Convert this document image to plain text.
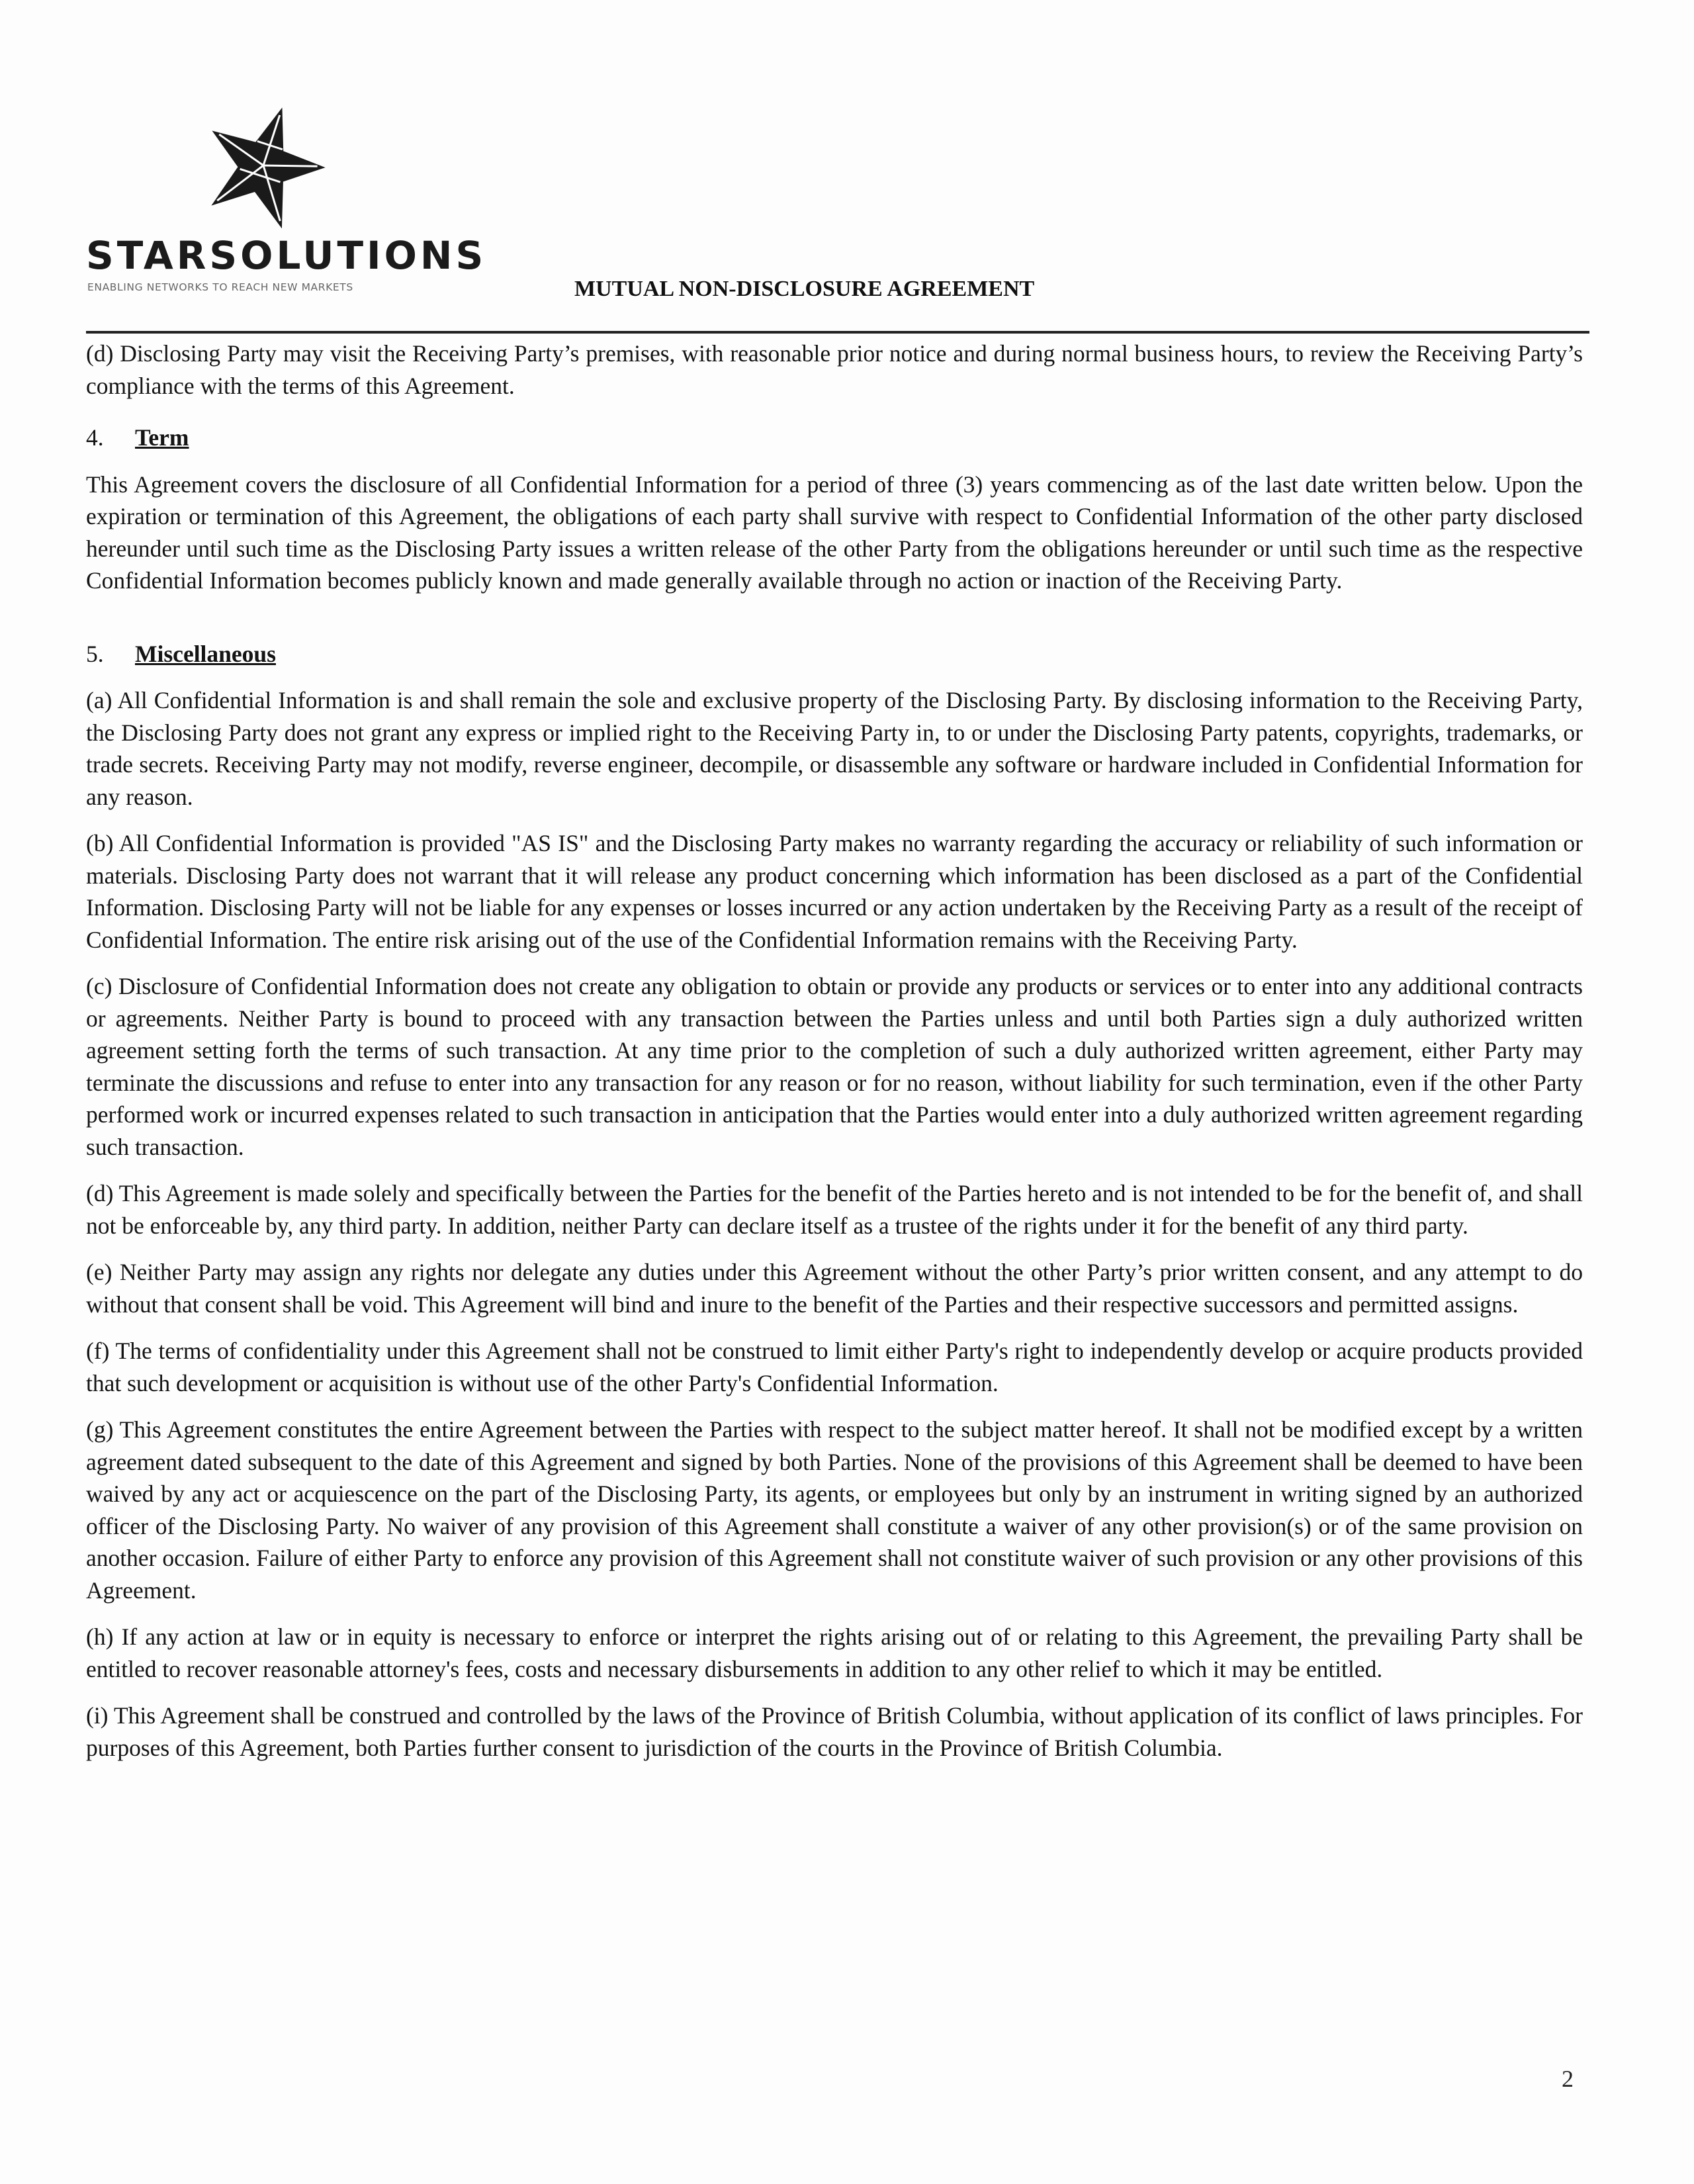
STARSOLUTIONS
ENABLING NETWORKS TO REACH NEW MARKETS	MUTUAL NON-DISCLOSURE AGREEMENT

(d) Disclosing Party may visit the Receiving Party’s premises, with reasonable prior notice and during normal business hours, to review the Receiving Party’s compliance with the terms of this Agreement.

4. Term

This Agreement covers the disclosure of all Confidential Information for a period of three (3) years commencing as of the last date written below. Upon the expiration or termination of this Agreement, the obligations of each party shall survive with respect to Confidential Information of the other party disclosed hereunder until such time as the Disclosing Party issues a written release of the other Party from the obligations hereunder or until such time as the respective Confidential Information becomes publicly known and made generally available through no action or inaction of the Receiving Party.

5. Miscellaneous

(a) All Confidential Information is and shall remain the sole and exclusive property of the Disclosing Party. By disclosing information to the Receiving Party, the Disclosing Party does not grant any express or implied right to the Receiving Party in, to or under the Disclosing Party patents, copyrights, trademarks, or trade secrets. Receiving Party may not modify, reverse engineer, decompile, or disassemble any software or hardware included in Confidential Information for any reason.

(b) All Confidential Information is provided "AS IS" and the Disclosing Party makes no warranty regarding the accuracy or reliability of such information or materials. Disclosing Party does not warrant that it will release any product concerning which information has been disclosed as a part of the Confidential Information. Disclosing Party will not be liable for any expenses or losses incurred or any action undertaken by the Receiving Party as a result of the receipt of Confidential Information. The entire risk arising out of the use of the Confidential Information remains with the Receiving Party.

(c) Disclosure of Confidential Information does not create any obligation to obtain or provide any products or services or to enter into any additional contracts or agreements. Neither Party is bound to proceed with any transaction between the Parties unless and until both Parties sign a duly authorized written agreement setting forth the terms of such transaction. At any time prior to the completion of such a duly authorized written agreement, either Party may terminate the discussions and refuse to enter into any transaction for any reason or for no reason, without liability for such termination, even if the other Party performed work or incurred expenses related to such transaction in anticipation that the Parties would enter into a duly authorized written agreement regarding such transaction.

(d) This Agreement is made solely and specifically between the Parties for the benefit of the Parties hereto and is not intended to be for the benefit of, and shall not be enforceable by, any third party. In addition, neither Party can declare itself as a trustee of the rights under it for the benefit of any third party.

(e) Neither Party may assign any rights nor delegate any duties under this Agreement without the other Party’s prior written consent, and any attempt to do without that consent shall be void. This Agreement will bind and inure to the benefit of the Parties and their respective successors and permitted assigns.

(f) The terms of confidentiality under this Agreement shall not be construed to limit either Party's right to independently develop or acquire products provided that such development or acquisition is without use of the other Party's Confidential Information.

(g) This Agreement constitutes the entire Agreement between the Parties with respect to the subject matter hereof. It shall not be modified except by a written agreement dated subsequent to the date of this Agreement and signed by both Parties. None of the provisions of this Agreement shall be deemed to have been waived by any act or acquiescence on the part of the Disclosing Party, its agents, or employees but only by an instrument in writing signed by an authorized officer of the Disclosing Party. No waiver of any provision of this Agreement shall constitute a waiver of any other provision(s) or of the same provision on another occasion. Failure of either Party to enforce any provision of this Agreement shall not constitute waiver of such provision or any other provisions of this Agreement.

(h) If any action at law or in equity is necessary to enforce or interpret the rights arising out of or relating to this Agreement, the prevailing Party shall be entitled to recover reasonable attorney's fees, costs and necessary disbursements in addition to any other relief to which it may be entitled.

(i) This Agreement shall be construed and controlled by the laws of the Province of British Columbia, without application of its conflict of laws principles. For purposes of this Agreement, both Parties further consent to jurisdiction of the courts in the Province of British Columbia.

2
